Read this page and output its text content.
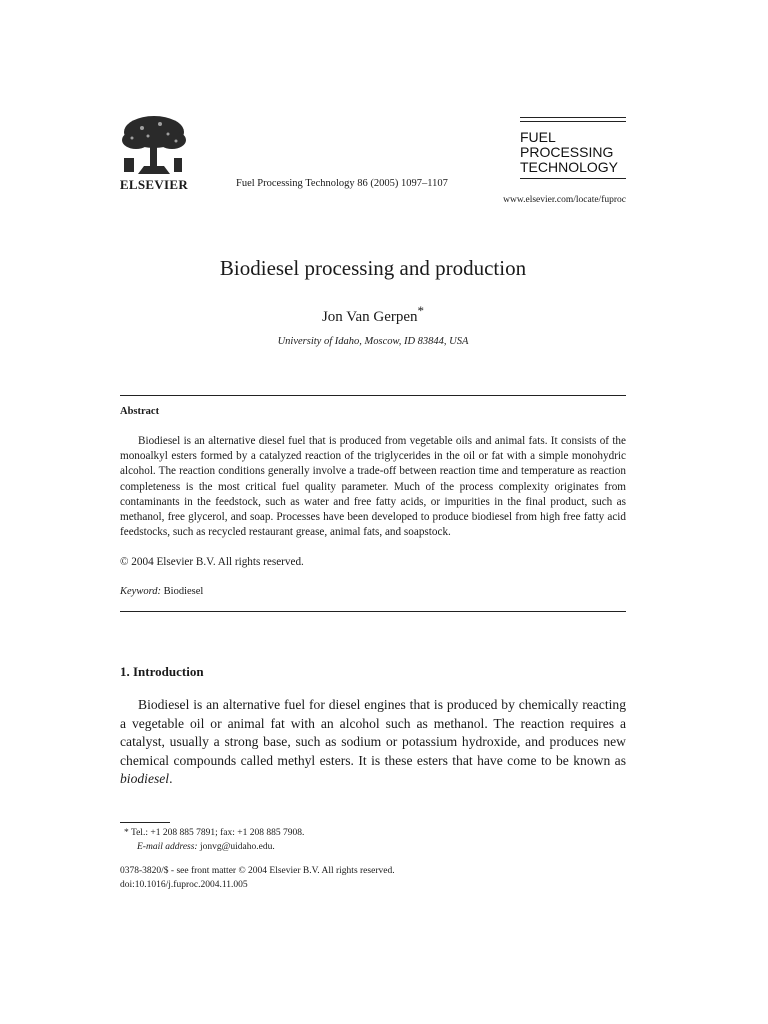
ELSEVIER	Fuel Processing Technology 86 (2005) 1097–1107
FUEL
PROCESSING
TECHNOLOGY
www.elsevier.com/locate/fuproc
Biodiesel processing and production
Jon Van Gerpen*
University of Idaho, Moscow, ID 83844, USA
Abstract
Biodiesel is an alternative diesel fuel that is produced from vegetable oils and animal fats. It consists of the monoalkyl esters formed by a catalyzed reaction of the triglycerides in the oil or fat with a simple monohydric alcohol. The reaction conditions generally involve a trade-off between reaction time and temperature as reaction completeness is the most critical fuel quality parameter. Much of the process complexity originates from contaminants in the feedstock, such as water and free fatty acids, or impurities in the final product, such as methanol, free glycerol, and soap. Processes have been developed to produce biodiesel from high free fatty acid feedstocks, such as recycled restaurant grease, animal fats, and soapstock.
© 2004 Elsevier B.V. All rights reserved.
Keyword: Biodiesel
1. Introduction
Biodiesel is an alternative fuel for diesel engines that is produced by chemically reacting a vegetable oil or animal fat with an alcohol such as methanol. The reaction requires a catalyst, usually a strong base, such as sodium or potassium hydroxide, and produces new chemical compounds called methyl esters. It is these esters that have come to be known as biodiesel.
* Tel.: +1 208 885 7891; fax: +1 208 885 7908.
E-mail address: jonvg@uidaho.edu.
0378-3820/$ - see front matter © 2004 Elsevier B.V. All rights reserved.
doi:10.1016/j.fuproc.2004.11.005
